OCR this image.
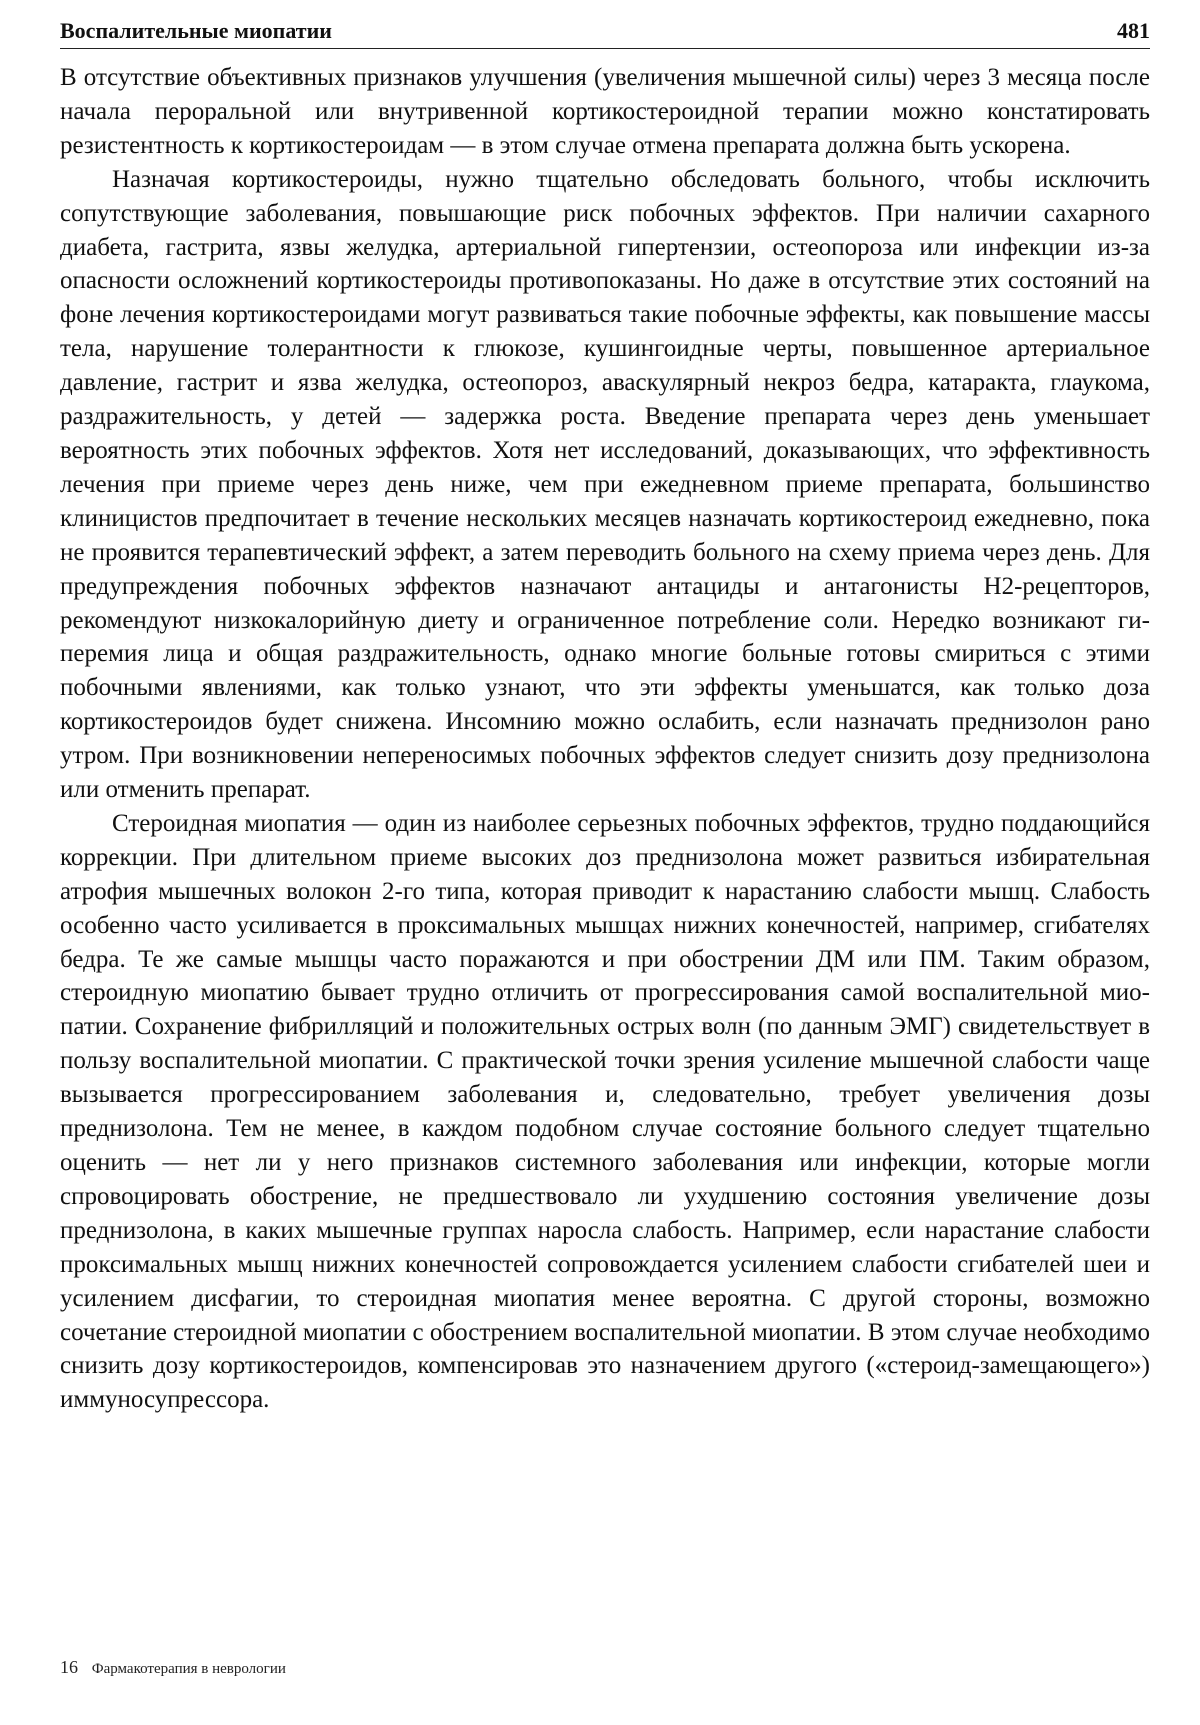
Воспалительные миопатии	481

В отсутствие объективных признаков улучшения (увеличения мышечной силы) через 3 месяца после начала пероральной или внутривенной кортикостероидной терапии можно констатировать резистентность к кортикостероидам — в этом случае отмена препарата должна быть ускорена.

Назначая кортикостероиды, нужно тщательно обследовать больного, чтобы исключить сопутствующие заболевания, повышающие риск побочных эффектов. При наличии сахарного диабета, гастрита, язвы желудка, артериальной гипертензии, остеопороза или инфекции из-за опасности осложнений кортикостероиды противопоказаны. Но даже в отсутствие этих состояний на фоне лечения кортикостероидами могут развиваться такие побочные эффекты, как повышение массы тела, нарушение толерантности к глюкозе, кушингоидные черты, повышенное артериальное давление, гастрит и язва желудка, остеопороз, аваскулярный некроз бедра, катаракта, глаукома, раздражительность, у детей — задержка роста. Введение препарата через день уменьшает вероятность этих побочных эффектов. Хотя нет исследований, доказывающих, что эффективность лечения при приеме через день ниже, чем при ежедневном приеме препарата, большинство клиницистов предпочитает в течение нескольких месяцев назначать кортикостероид ежедневно, пока не проявится терапевтический эффект, а затем переводить больного на схему приема через день. Для предупреждения побочных эффектов назначают антациды и антагонисты Н2-рецепторов, рекомендуют низкокалорийную диету и ограниченное потребление соли. Нередко возникают гиперемия лица и общая раздражительность, однако многие больные готовы смириться с этими побочными явлениями, как только узнают, что эти эффекты уменьшатся, как только доза кортикостероидов будет снижена. Инсомнию можно ослабить, если назначать преднизолон рано утром. При возникновении непереносимых побочных эффектов следует снизить дозу преднизолона или отменить препарат.

Стероидная миопатия — один из наиболее серьезных побочных эффектов, трудно поддающийся коррекции. При длительном приеме высоких доз преднизолона может развиться избирательная атрофия мышечных волокон 2-го типа, которая приводит к нарастанию слабости мышц. Слабость особенно часто усиливается в проксимальных мышцах нижних конечностей, например, сгибателях бедра. Те же самые мышцы часто поражаются и при обострении ДМ или ПМ. Таким образом, стероидную миопатию бывает трудно отличить от прогрессирования самой воспалительной миопатии. Сохранение фибрилляций и положительных острых волн (по данным ЭМГ) свидетельствует в пользу воспалительной миопатии. С практической точки зрения усиление мышечной слабости чаще вызывается прогрессированием заболевания и, следовательно, требует увеличения дозы преднизолона. Тем не менее, в каждом подобном случае состояние больного следует тщательно оценить — нет ли у него признаков системного заболевания или инфекции, которые могли спровоцировать обострение, не предшествовало ли ухудшению состояния увеличение дозы преднизолона, в каких мышечные группах наросла слабость. Например, если нарастание слабости проксимальных мышц нижних конечностей сопровождается усилением слабости сгибателей шеи и усилением дисфагии, то стероидная миопатия менее вероятна. С другой стороны, возможно сочетание стероидной миопатии с обострением воспалительной миопатии. В этом случае необходимо снизить дозу кортикостероидов, компенсировав это назначением другого («стероид-замещающего») иммуносупрессора.

16 Фармакотерапия в неврологии
